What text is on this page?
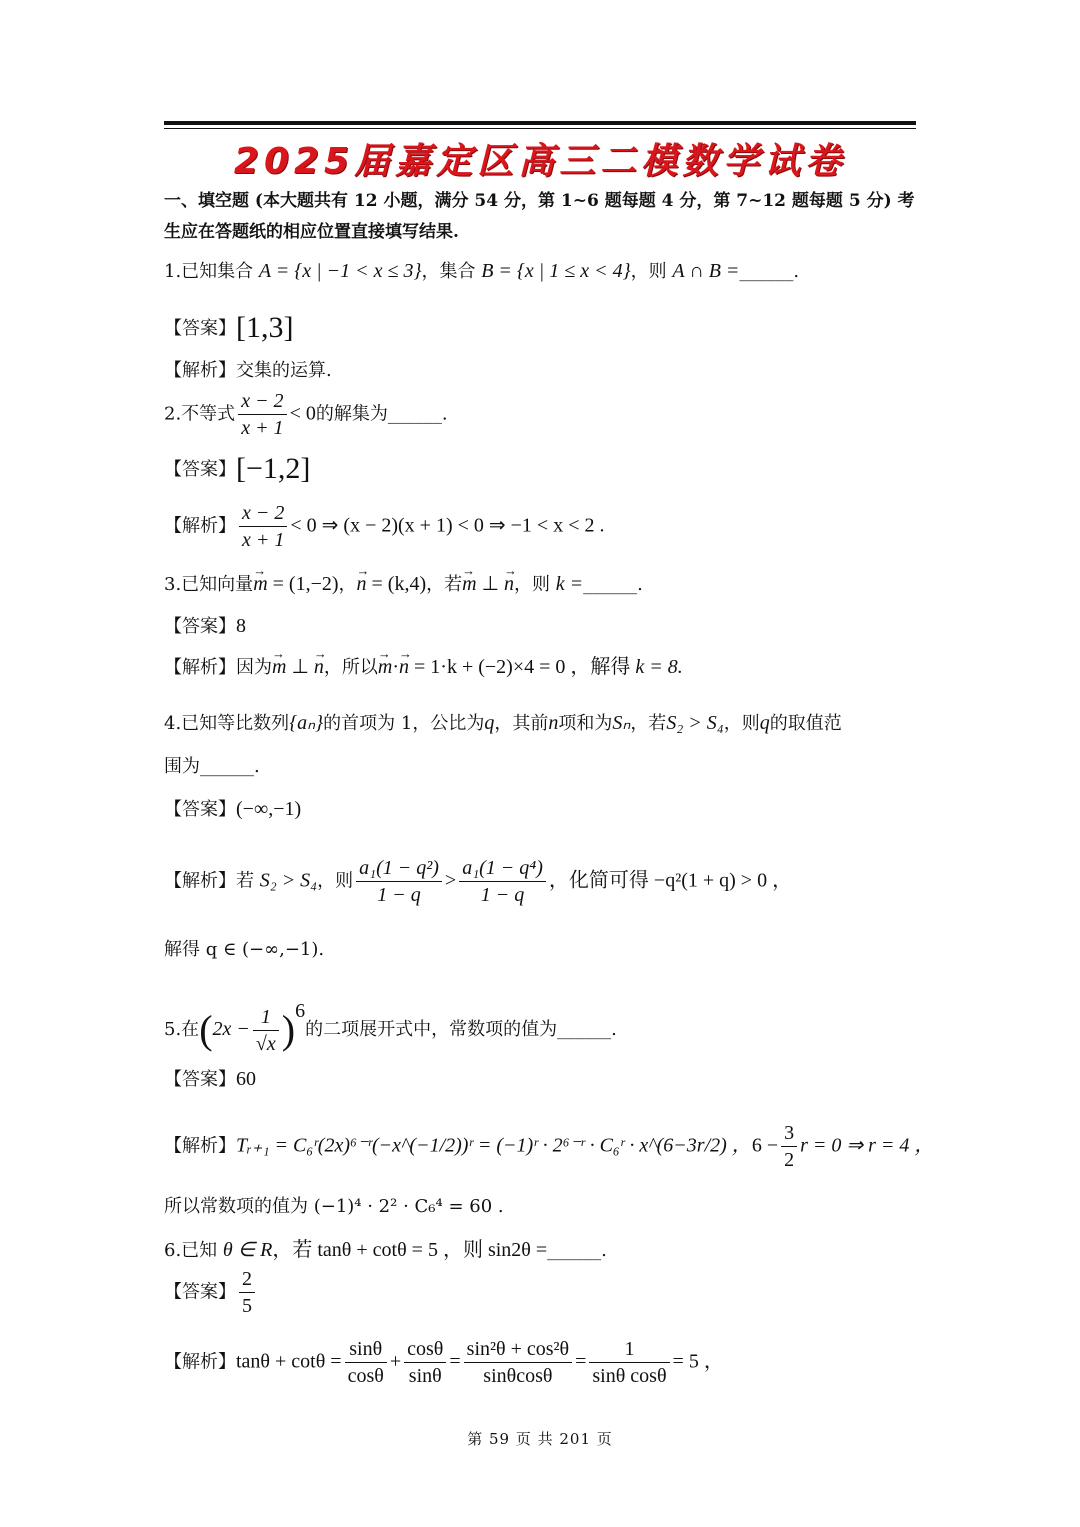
2025届嘉定区高三二模数学试卷
一、填空题 (本大题共有 12 小题，满分 54 分，第 1~6 题每题 4 分，第 7~12 题每题 5 分) 考生应在答题纸的相应位置直接填写结果.
1.已知集合 A = {x | −1 < x ≤ 3}，集合 B = {x | 1 ≤ x < 4}，则 A ∩ B =______.
【答案】[1,3]
【解析】交集的运算.
2.不等式 $\frac{x - 2}{x + 1} < 0$的解集为______.
【答案】[−1,2]
【解析】 $\frac{x - 2}{x + 1} < 0$ ⇒ (x − 2)(x + 1) < 0 ⇒ −1 < x < 2 .
3.已知向量→ m = (1,−2)，→ n = (k,4)，若→ m ⊥ → n，则 k =______.
【答案】8
【解析】因为→ m ⊥ → n，所以→ m·→ n = 1·k + (−2)×4 = 0 ，解得 k = 8.
4.已知等比数列{aₙ}的首项为 1，公比为q，其前n项和为Sₙ，若S₂ > S₄，则q的取值范
围为______.
【答案】(−∞,−1)
【解析】若 S₂ > S₄，则 $\frac{\text{a₁(1 − q²)}}{1 - q} > \frac{\text{a₁(1 − q⁴)}}{1 - q}$ ，化简可得 −q²(1 + q) > 0 ，
解得 q ∈ (−∞,−1).
5.在$(2x - \frac{1}{√x} )^6$的二项展开式中，常数项的值为______.
【答案】60
【解析】Tᵣ₊₁ = C₆ʳ(2x)⁶⁻ʳ(−x^(−1/2))ʳ = (−1)ʳ · 2⁶⁻ʳ · C₆ʳ · x^(6−3r/2) ，$6 - \frac{3}{2}$ r = 0 ⇒ r = 4 ，
所以常数项的值为 (−1)⁴ · 2² · C₆⁴ = 60 .
6.已知 θ ∈ R，若 tanθ + cotθ = 5 ，则 sin2θ =______.
【答案】 $\frac{2}{5}$
【解析】$\tan\theta + \cot\theta = \frac{\sin\theta}{\cos\theta} + \frac{\cos\theta}{\sin\theta} = \frac{\text{sin²θ + cos²θ}}{\sin\theta\cos\theta} = \frac{1}{\text{sinθ cosθ}} = 5$ ，
第 59 页 共 201 页
